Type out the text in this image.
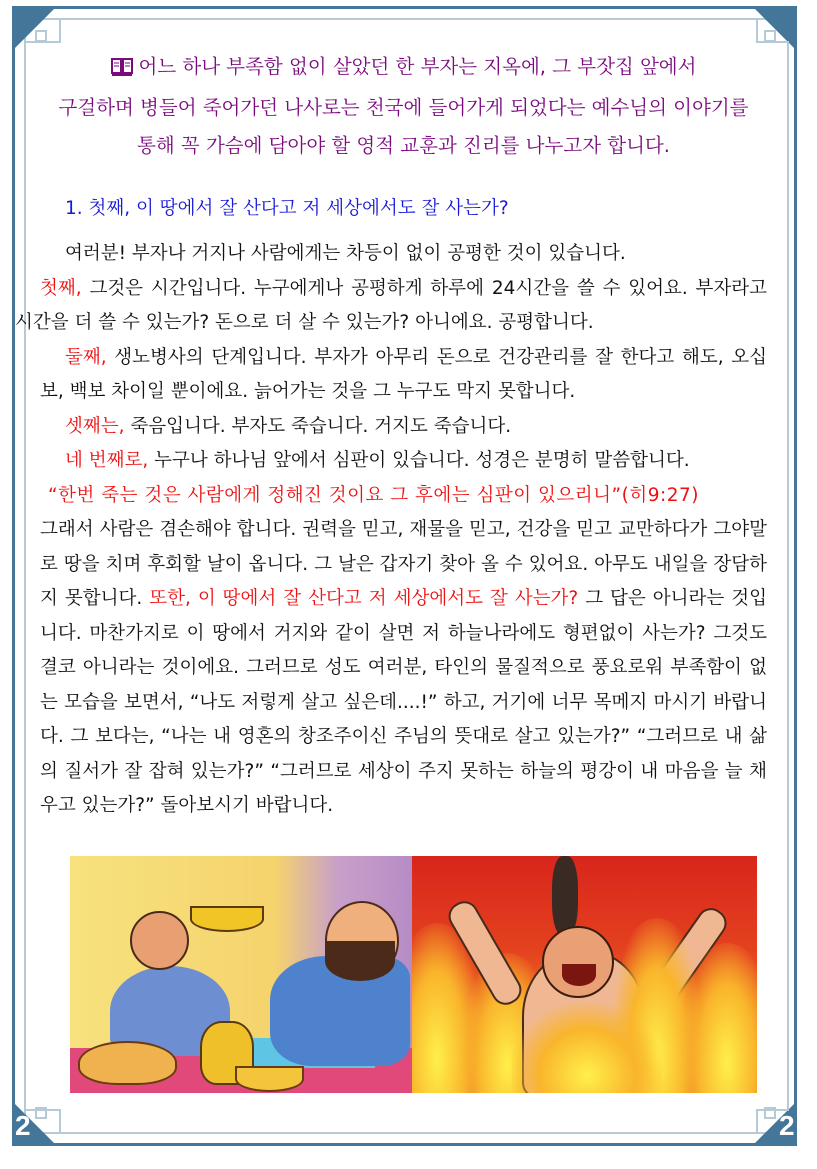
2	2
어느 하나 부족함 없이 살았던 한 부자는 지옥에, 그 부잣집 앞에서
구걸하며 병들어 죽어가던 나사로는 천국에 들어가게 되었다는 예수님의 이야기를
통해 꼭 가슴에 담아야 할 영적 교훈과 진리를 나누고자 합니다.
1. 첫째, 이 땅에서 잘 산다고 저 세상에서도 잘 사는가?

여러분! 부자나 거지나 사람에게는 차등이 없이 공평한 것이 있습니다.

첫째, 그것은 시간입니다. 누구에게나 공평하게 하루에 24시간을 쓸 수 있어요. 부자라고 시간을 더 쓸 수 있는가? 돈으로 더 살 수 있는가? 아니에요. 공평합니다.

둘째, 생노병사의 단계입니다. 부자가 아무리 돈으로 건강관리를 잘 한다고 해도, 오십보, 백보 차이일 뿐이에요. 늙어가는 것을 그 누구도 막지 못합니다.

셋째는, 죽음입니다. 부자도 죽습니다. 거지도 죽습니다.

네 번째로, 누구나 하나님 앞에서 심판이 있습니다. 성경은 분명히 말씀합니다.

“한번 죽는 것은 사람에게 정해진 것이요 그 후에는 심판이 있으리니”(히9:27)

그래서 사람은 겸손해야 합니다. 권력을 믿고, 재물을 믿고, 건강을 믿고 교만하다가 그야말로 땅을 치며 후회할 날이 옵니다. 그 날은 갑자기 찾아 올 수 있어요. 아무도 내일을 장담하지 못합니다. 또한, 이 땅에서 잘 산다고 저 세상에서도 잘 사는가? 그 답은 아니라는 것입니다. 마찬가지로 이 땅에서 거지와 같이 살면 저 하늘나라에도 형편없이 사는가? 그것도 결코 아니라는 것이에요. 그러므로 성도 여러분, 타인의 물질적으로 풍요로워 부족함이 없는 모습을 보면서, “나도 저렇게 살고 싶은데....!” 하고, 거기에 너무 목메지 마시기 바랍니다. 그 보다는, “나는 내 영혼의 창조주이신 주님의 뜻대로 살고 있는가?” “그러므로 내 삶의 질서가 잘 잡혀 있는가?” “그러므로 세상이 주지 못하는 하늘의 평강이 내 마음을 늘 채우고 있는가?” 돌아보시기 바랍니다.
